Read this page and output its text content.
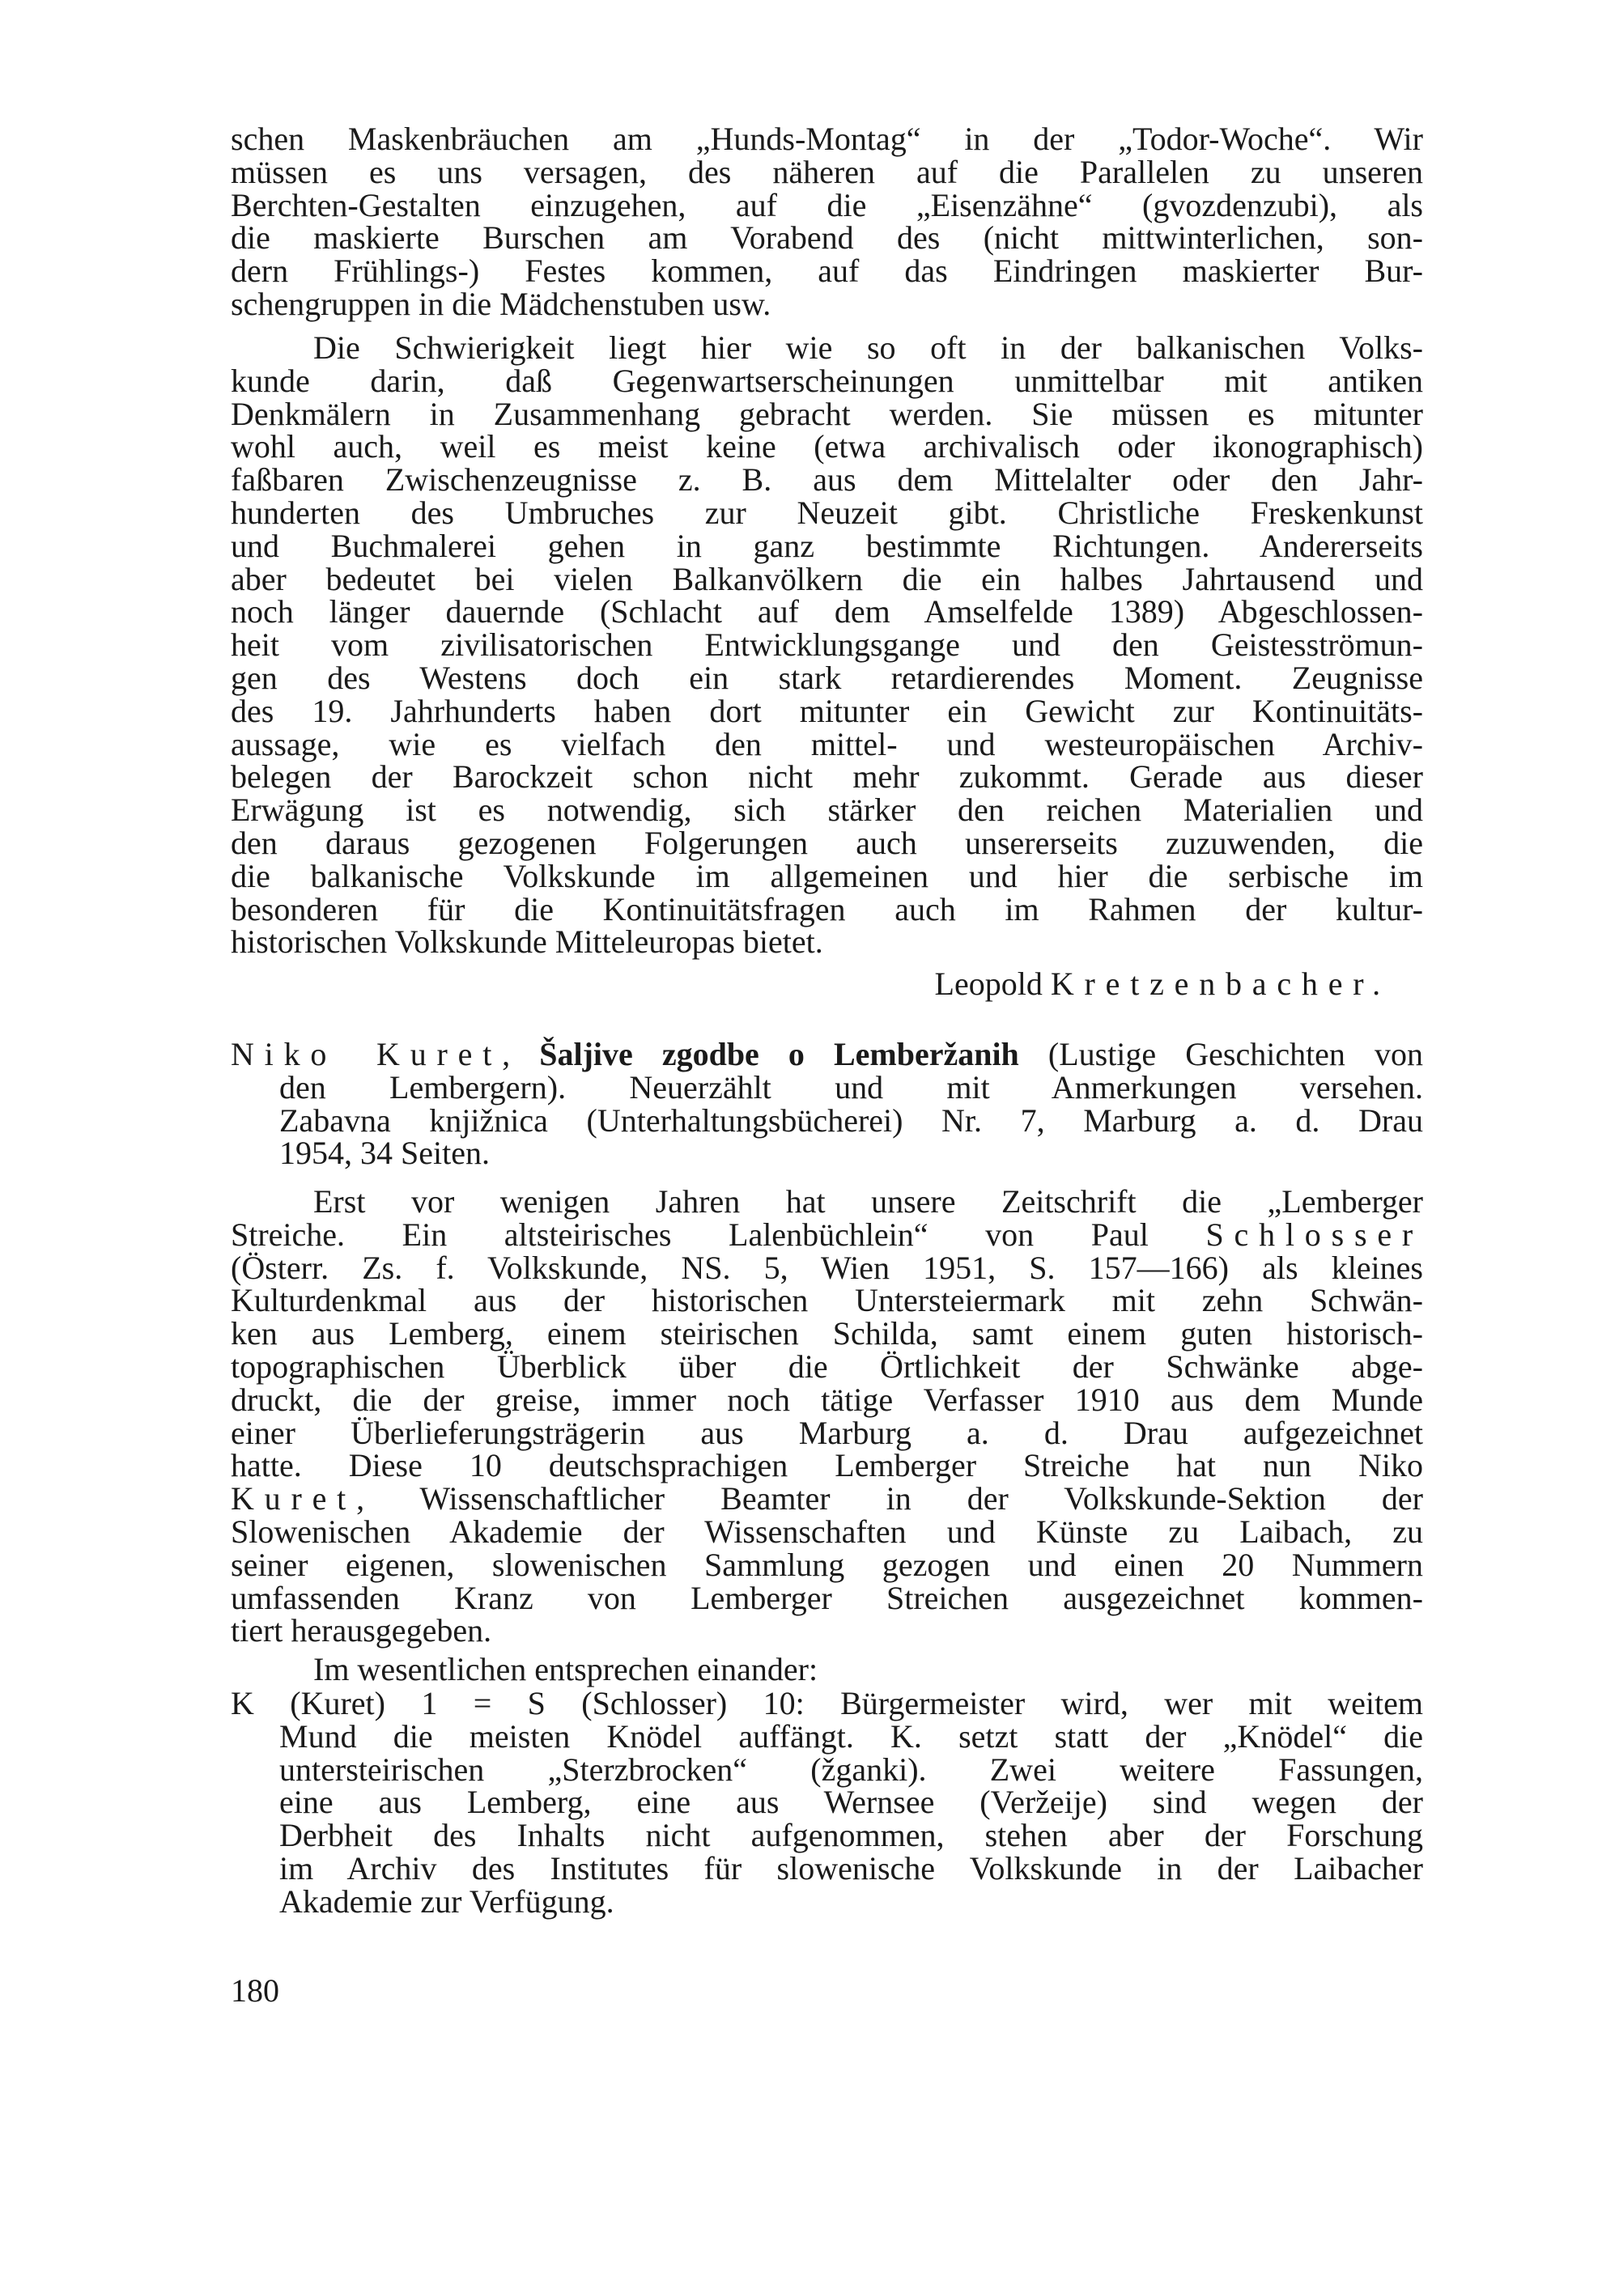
schen Maskenbräuchen am „Hunds-Montag“ in der „Todor-Woche“. Wir
müssen es uns versagen, des näheren auf die Parallelen zu unseren
Berchten-Gestalten einzugehen, auf die „Eisenzähne“ (gvozdenzubi), als
die maskierte Burschen am Vorabend des (nicht mittwinterlichen, son-
dern Frühlings-) Festes kommen, auf das Eindringen maskierter Bur-
schengruppen in die Mädchenstuben usw.
Die Schwierigkeit liegt hier wie so oft in der balkanischen Volks-
kunde darin, daß Gegenwartserscheinungen unmittelbar mit antiken
Denkmälern in Zusammenhang gebracht werden. Sie müssen es mitunter
wohl auch, weil es meist keine (etwa archivalisch oder ikonographisch)
faßbaren Zwischenzeugnisse z. B. aus dem Mittelalter oder den Jahr-
hunderten des Umbruches zur Neuzeit gibt. Christliche Freskenkunst
und Buchmalerei gehen in ganz bestimmte Richtungen. Andererseits
aber bedeutet bei vielen Balkanvölkern die ein halbes Jahrtausend und
noch länger dauernde (Schlacht auf dem Amselfelde 1389) Abgeschlossen-
heit vom zivilisatorischen Entwicklungsgange und den Geistesströmun-
gen des Westens doch ein stark retardierendes Moment. Zeugnisse
des 19. Jahrhunderts haben dort mitunter ein Gewicht zur Kontinuitäts-
aussage, wie es vielfach den mittel- und westeuropäischen Archiv-
belegen der Barockzeit schon nicht mehr zukommt. Gerade aus dieser
Erwägung ist es notwendig, sich stärker den reichen Materialien und
den daraus gezogenen Folgerungen auch unsererseits zuzuwenden, die
die balkanische Volkskunde im allgemeinen und hier die serbische im
besonderen für die Kontinuitätsfragen auch im Rahmen der kultur-
historischen Volkskunde Mitteleuropas bietet.
Leopold Kretzenbacher.
Niko Kuret, Šaljive zgodbe o Lemberžanih (Lustige Geschichten von
den Lembergern). Neuerzählt und mit Anmerkungen versehen.
Zabavna knjižnica (Unterhaltungsbücherei) Nr. 7, Marburg a. d. Drau
1954, 34 Seiten.
Erst vor wenigen Jahren hat unsere Zeitschrift die „Lemberger
Streiche. Ein altsteirisches Lalenbüchlein“ von Paul Schlosser
(Österr. Zs. f. Volkskunde, NS. 5, Wien 1951, S. 157—166) als kleines
Kulturdenkmal aus der historischen Untersteiermark mit zehn Schwän-
ken aus Lemberg, einem steirischen Schilda, samt einem guten historisch-
topographischen Überblick über die Örtlichkeit der Schwänke abge-
druckt, die der greise, immer noch tätige Verfasser 1910 aus dem Munde
einer Überlieferungsträgerin aus Marburg a. d. Drau aufgezeichnet
hatte. Diese 10 deutschsprachigen Lemberger Streiche hat nun Niko
Kuret, Wissenschaftlicher Beamter in der Volkskunde-Sektion der
Slowenischen Akademie der Wissenschaften und Künste zu Laibach, zu
seiner eigenen, slowenischen Sammlung gezogen und einen 20 Nummern
umfassenden Kranz von Lemberger Streichen ausgezeichnet kommen-
tiert herausgegeben.
Im wesentlichen entsprechen einander:
K (Kuret) 1 = S (Schlosser) 10: Bürgermeister wird, wer mit weitem
Mund die meisten Knödel auffängt. K. setzt statt der „Knödel“ die
untersteirischen „Sterzbrocken“ (žganki). Zwei weitere Fassungen,
eine aus Lemberg, eine aus Wernsee (Veržeije) sind wegen der
Derbheit des Inhalts nicht aufgenommen, stehen aber der Forschung
im Archiv des Institutes für slowenische Volkskunde in der Laibacher
Akademie zur Verfügung.
180
